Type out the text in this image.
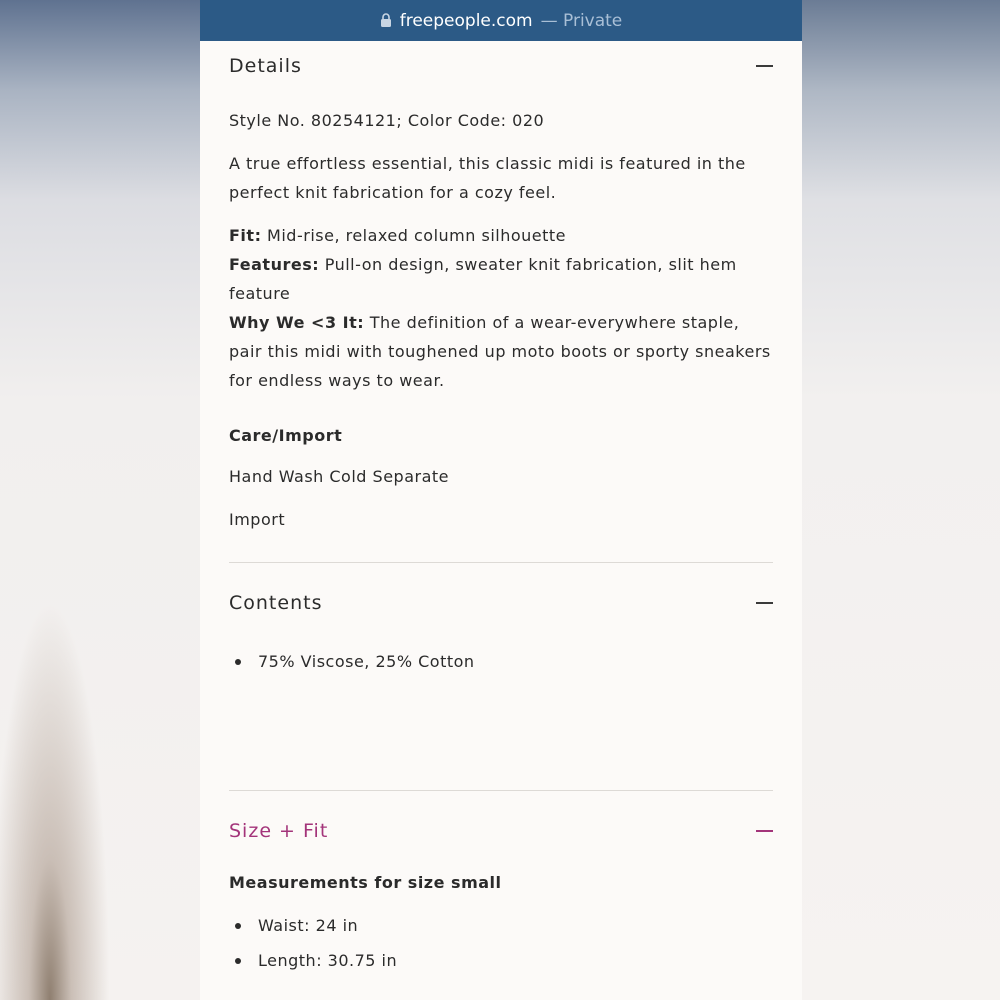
freepeople.com — Private
Details

Style No. 80254121; Color Code: 020

A true effortless essential, this classic midi is featured in the perfect knit fabrication for a cozy feel.

Fit: Mid-rise, relaxed column silhouette

Features: Pull-on design, sweater knit fabrication, slit hem feature

Why We <3 It: The definition of a wear-everywhere staple, pair this midi with toughened up moto boots or sporty sneakers for endless ways to wear.

Care/Import

Hand Wash Cold Separate

Import

Contents
75% Viscose, 25% Cotton
Size + Fit

Measurements for size small

Waist: 24 in
Length: 30.75 in
